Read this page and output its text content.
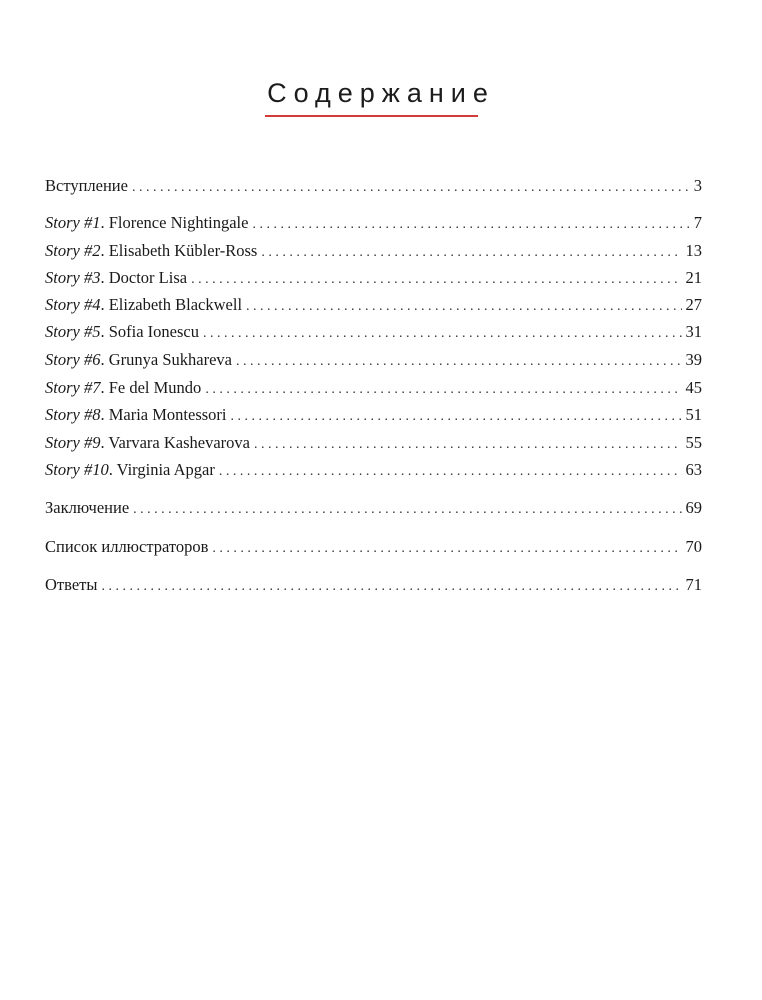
Содержание
Вступление . . .	3
Story #1. Florence Nightingale . . .	7
Story #2. Elisabeth Kübler-Ross . . .	13
Story #3. Doctor Lisa . . .	21
Story #4. Elizabeth Blackwell . . .	27
Story #5. Sofia Ionescu . . .	31
Story #6. Grunya Sukhareva . . .	39
Story #7. Fe del Mundo . . .	45
Story #8. Maria Montessori . . .	51
Story #9. Varvara Kashevarova . . .	55
Story #10. Virginia Apgar . . .	63
Заключение . . .	69
Список иллюстраторов . . .	70
Ответы . . .	71
